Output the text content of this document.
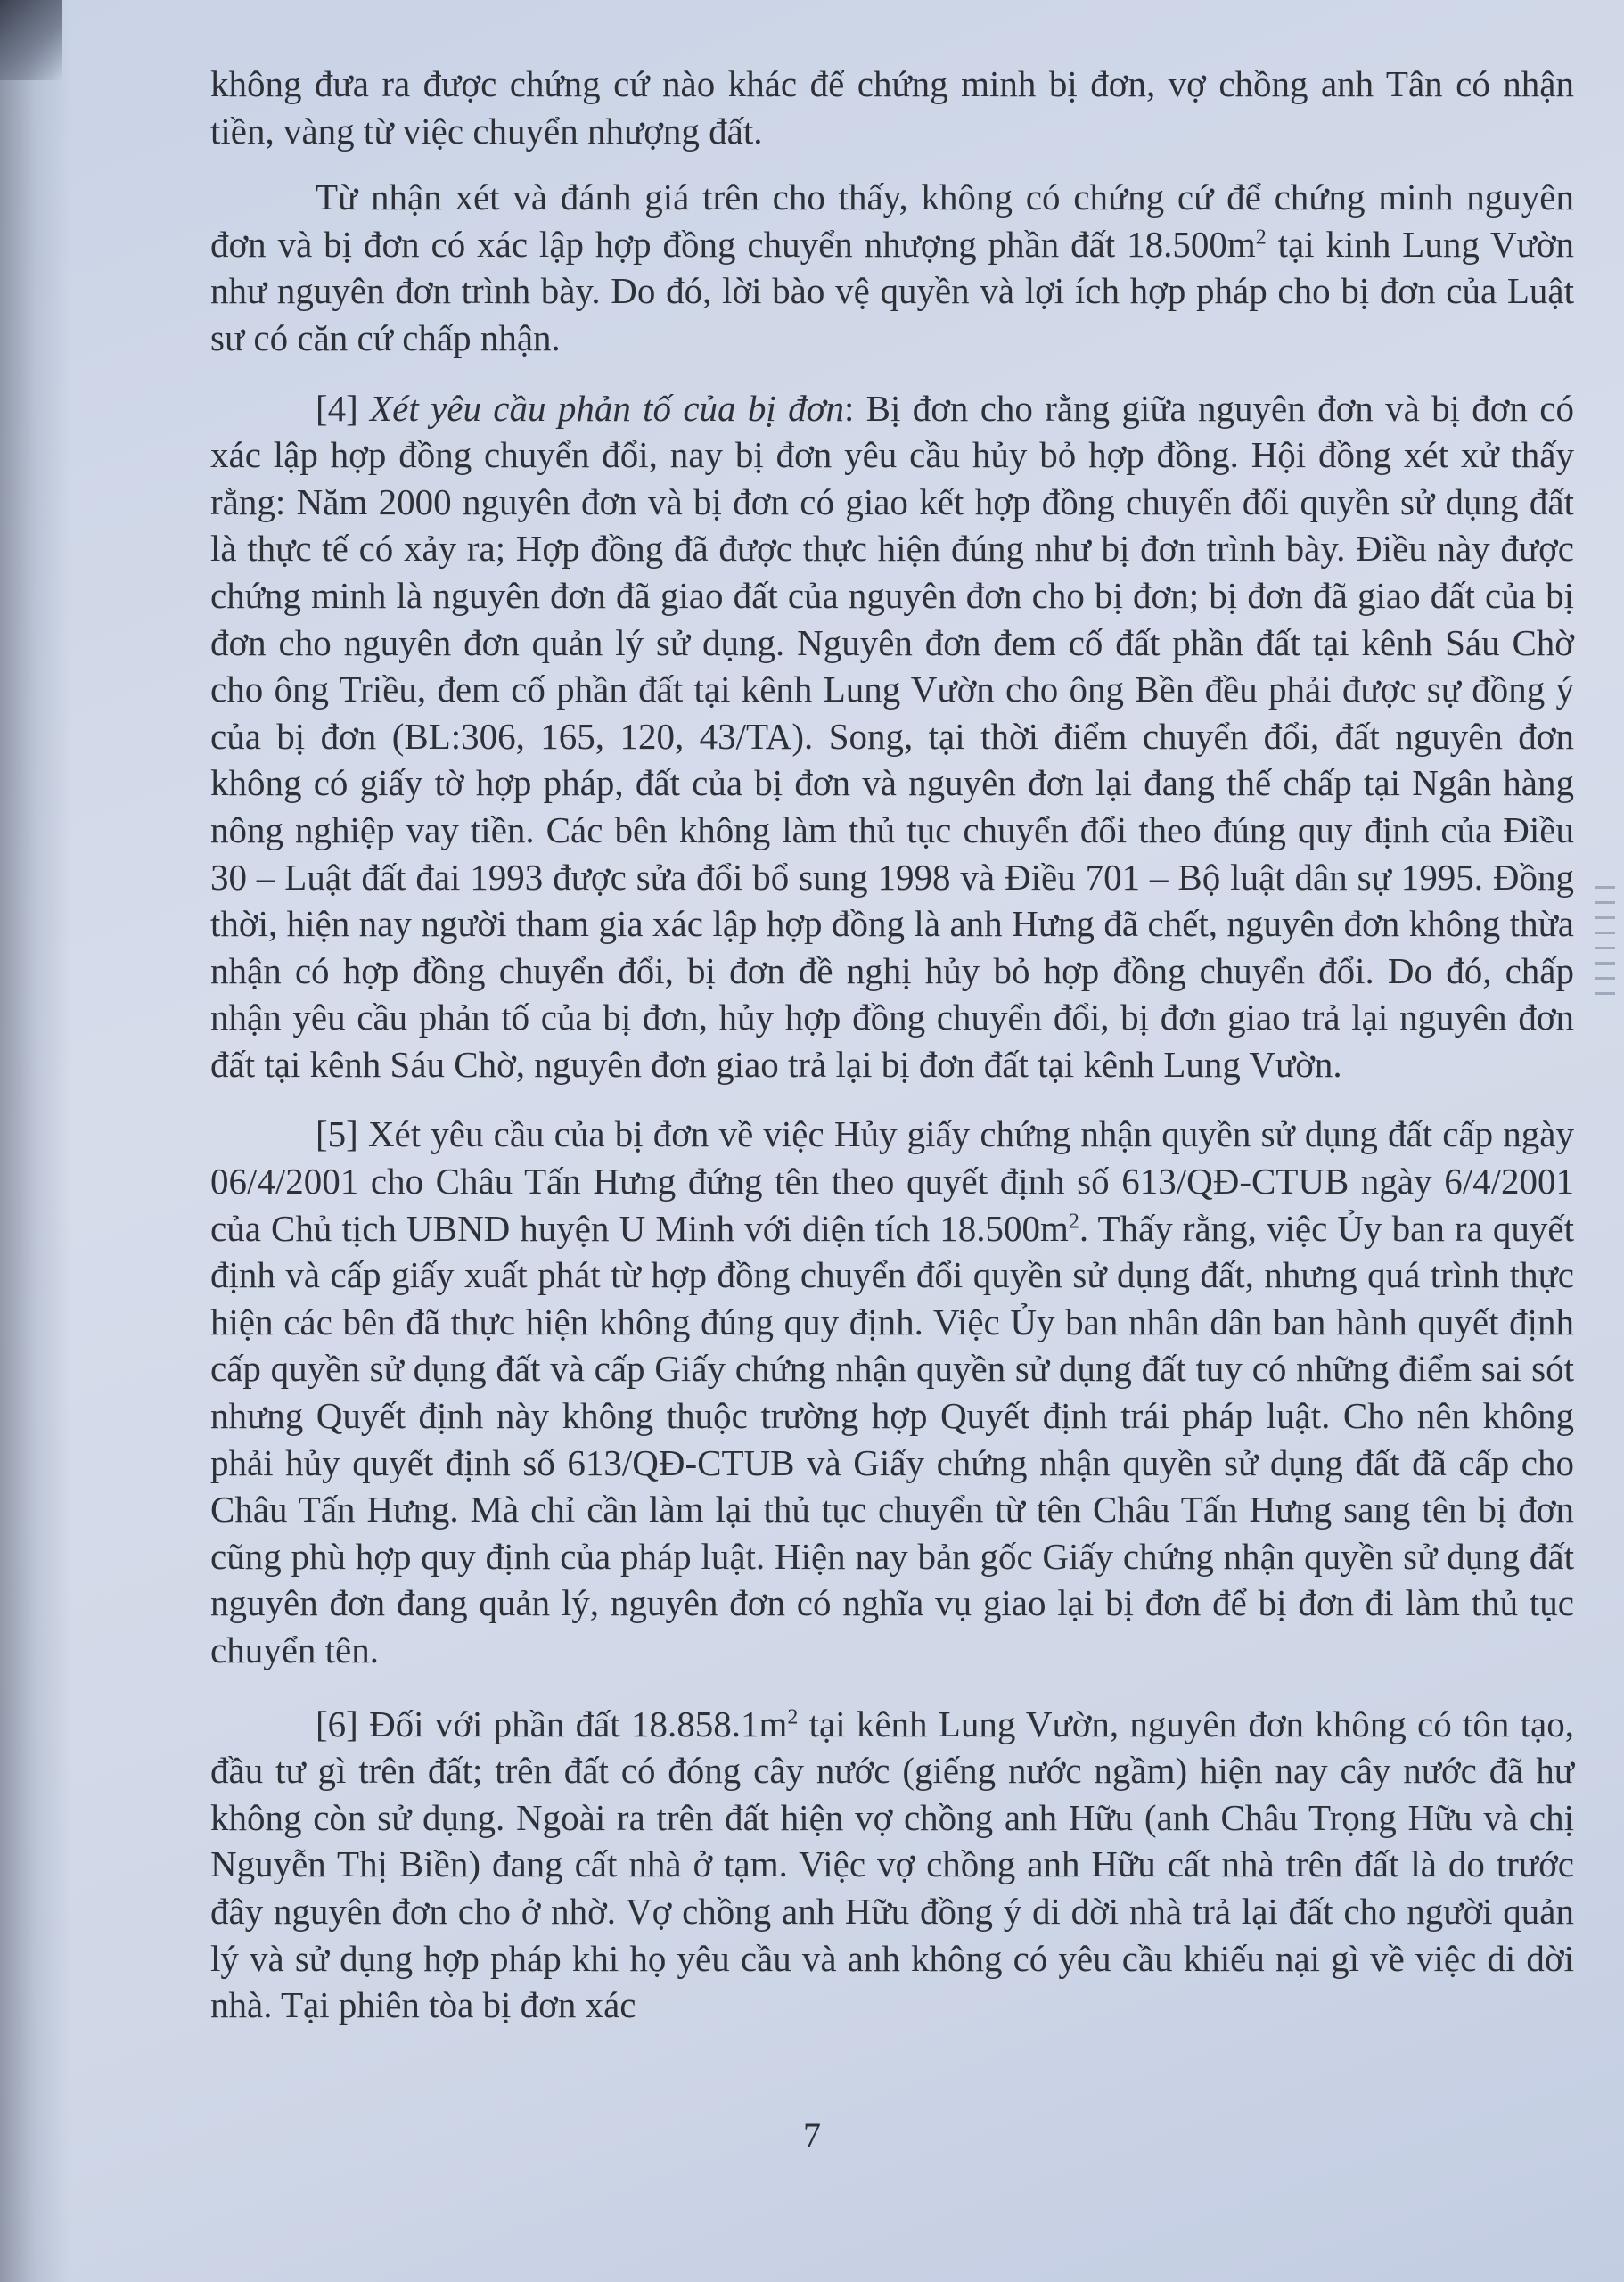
không đưa ra được chứng cứ nào khác để chứng minh bị đơn, vợ chồng anh Tân có nhận tiền, vàng từ việc chuyển nhượng đất.

Từ nhận xét và đánh giá trên cho thấy, không có chứng cứ để chứng minh nguyên đơn và bị đơn có xác lập hợp đồng chuyển nhượng phần đất $18.500m^2$ tại kinh Lung Vườn như nguyên đơn trình bày. Do đó, lời bào vệ quyền và lợi ích hợp pháp cho bị đơn của Luật sư có căn cứ chấp nhận.

[4] Xét yêu cầu phản tố của bị đơn: Bị đơn cho rằng giữa nguyên đơn và bị đơn có xác lập hợp đồng chuyển đổi, nay bị đơn yêu cầu hủy bỏ hợp đồng. Hội đồng xét xử thấy rằng: Năm 2000 nguyên đơn và bị đơn có giao kết hợp đồng chuyển đổi quyền sử dụng đất là thực tế có xảy ra; Hợp đồng đã được thực hiện đúng như bị đơn trình bày. Điều này được chứng minh là nguyên đơn đã giao đất của nguyên đơn cho bị đơn; bị đơn đã giao đất của bị đơn cho nguyên đơn quản lý sử dụng. Nguyên đơn đem cố đất phần đất tại kênh Sáu Chờ cho ông Triều, đem cố phần đất tại kênh Lung Vườn cho ông Bền đều phải được sự đồng ý của bị đơn (BL:306, 165, 120, 43/TA). Song, tại thời điểm chuyển đổi, đất nguyên đơn không có giấy tờ hợp pháp, đất của bị đơn và nguyên đơn lại đang thế chấp tại Ngân hàng nông nghiệp vay tiền. Các bên không làm thủ tục chuyển đổi theo đúng quy định của Điều 30 – Luật đất đai 1993 được sửa đổi bổ sung 1998 và Điều 701 – Bộ luật dân sự 1995. Đồng thời, hiện nay người tham gia xác lập hợp đồng là anh Hưng đã chết, nguyên đơn không thừa nhận có hợp đồng chuyển đổi, bị đơn đề nghị hủy bỏ hợp đồng chuyển đổi. Do đó, chấp nhận yêu cầu phản tố của bị đơn, hủy hợp đồng chuyển đổi, bị đơn giao trả lại nguyên đơn đất tại kênh Sáu Chờ, nguyên đơn giao trả lại bị đơn đất tại kênh Lung Vườn.

[5] Xét yêu cầu của bị đơn về việc Hủy giấy chứng nhận quyền sử dụng đất cấp ngày 06/4/2001 cho Châu Tấn Hưng đứng tên theo quyết định số 613/QĐ-CTUB ngày 6/4/2001 của Chủ tịch UBND huyện U Minh với diện tích $18.500m^2$. Thấy rằng, việc Ủy ban ra quyết định và cấp giấy xuất phát từ hợp đồng chuyển đổi quyền sử dụng đất, nhưng quá trình thực hiện các bên đã thực hiện không đúng quy định. Việc Ủy ban nhân dân ban hành quyết định cấp quyền sử dụng đất và cấp Giấy chứng nhận quyền sử dụng đất tuy có những điểm sai sót nhưng Quyết định này không thuộc trường hợp Quyết định trái pháp luật. Cho nên không phải hủy quyết định số 613/QĐ-CTUB và Giấy chứng nhận quyền sử dụng đất đã cấp cho Châu Tấn Hưng. Mà chỉ cần làm lại thủ tục chuyển từ tên Châu Tấn Hưng sang tên bị đơn cũng phù hợp quy định của pháp luật. Hiện nay bản gốc Giấy chứng nhận quyền sử dụng đất nguyên đơn đang quản lý, nguyên đơn có nghĩa vụ giao lại bị đơn để bị đơn đi làm thủ tục chuyển tên.

[6] Đối với phần đất $18.858.1m^2$ tại kênh Lung Vườn, nguyên đơn không có tôn tạo, đầu tư gì trên đất; trên đất có đóng cây nước (giếng nước ngầm) hiện nay cây nước đã hư không còn sử dụng. Ngoài ra trên đất hiện vợ chồng anh Hữu (anh Châu Trọng Hữu và chị Nguyễn Thị Biền) đang cất nhà ở tạm. Việc vợ chồng anh Hữu cất nhà trên đất là do trước đây nguyên đơn cho ở nhờ. Vợ chồng anh Hữu đồng ý di dời nhà trả lại đất cho người quản lý và sử dụng hợp pháp khi họ yêu cầu và anh không có yêu cầu khiếu nại gì về việc di dời nhà. Tại phiên tòa bị đơn xác

7
